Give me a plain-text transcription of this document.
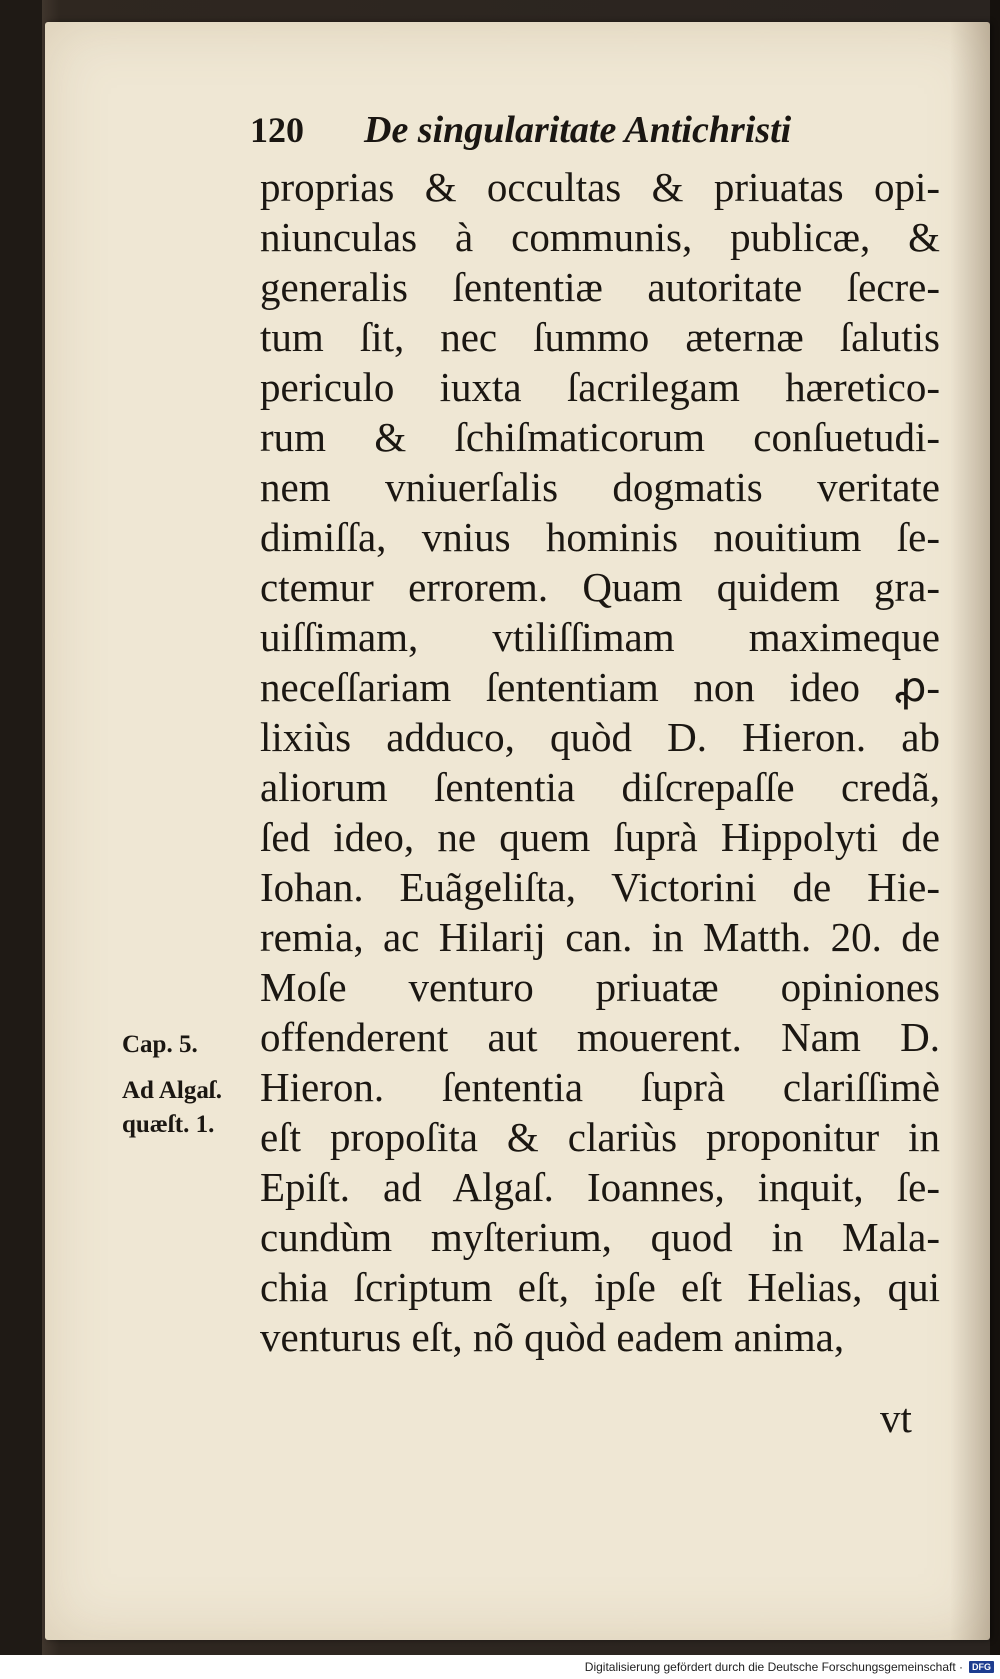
120 De singularitate Antichristi
proprias & occultas & priuatas opi-
niunculas à communis, publicæ, &
generalis ſententiæ autoritate ſecre-
tum ſit, nec ſummo æternæ ſalutis
periculo iuxta ſacrilegam hæretico-
rum & ſchiſmaticorum conſuetudi-
nem vniuerſalis dogmatis veritate
dimiſſa, vnius hominis nouitium ſe-
ctemur errorem. Quam quidem gra-
uiſſimam, vtiliſſimam maximeque
neceſſariam ſententiam non ideo ꝓ-
lixiùs adduco, quòd D. Hieron. ab
aliorum ſententia diſcrepaſſe credã,
ſed ideo, ne quem ſuprà Hippolyti de
Iohan. Euãgeliſta, Victorini de Hie-
remia, ac Hilarij can. in Matth. 20. de
Moſe venturo priuatæ opiniones
offenderent aut mouerent. Nam D.
Hieron. ſententia ſuprà clariſſimè
eſt propoſita & clariùs proponitur in
Epiſt. ad Algaſ. Ioannes, inquit, ſe-
cundùm myſterium, quod in Mala-
chia ſcriptum eſt, ipſe eſt Helias, qui
venturus eſt, nõ quòd eadem anima,
vt
Cap. 5.
Ad Algaſ.
quæſt. 1.
Digitalisierung gefördert durch die Deutsche Forschungsgemeinschaft ·	DFG
